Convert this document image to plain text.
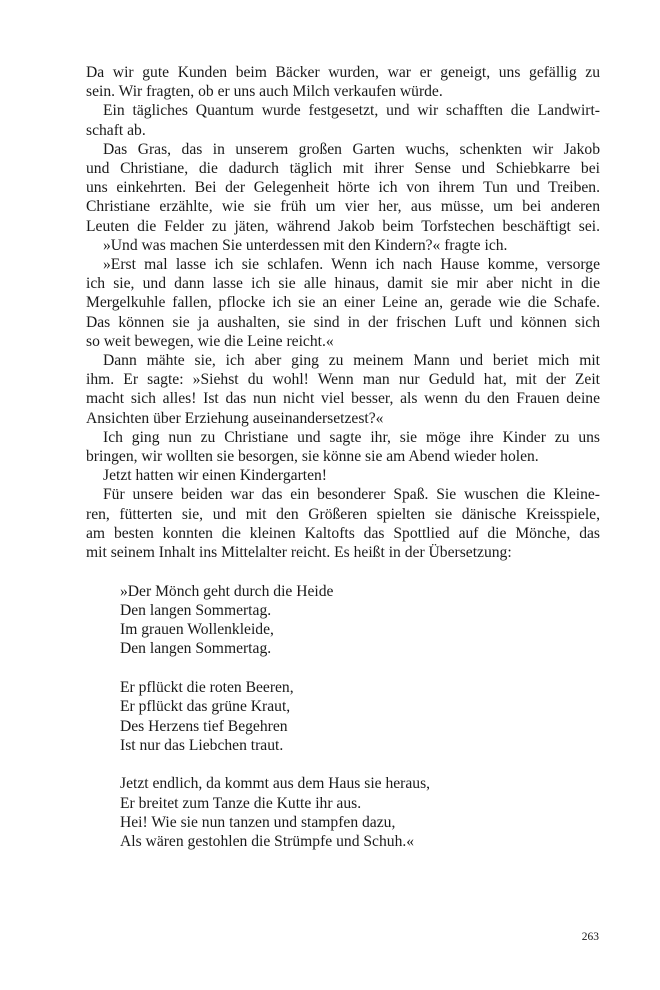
Da wir gute Kunden beim Bäcker wurden, war er geneigt, uns gefällig zu
sein. Wir fragten, ob er uns auch Milch verkaufen würde.
Ein tägliches Quantum wurde festgesetzt, und wir schafften die Landwirt-
schaft ab.
Das Gras, das in unserem großen Garten wuchs, schenkten wir Jakob
und Christiane, die dadurch täglich mit ihrer Sense und Schiebkarre bei
uns einkehrten. Bei der Gelegenheit hörte ich von ihrem Tun und Treiben.
Christiane erzählte, wie sie früh um vier her, aus müsse, um bei anderen
Leuten die Felder zu jäten, während Jakob beim Torfstechen beschäftigt sei.
»Und was machen Sie unterdessen mit den Kindern?« fragte ich.
»Erst mal lasse ich sie schlafen. Wenn ich nach Hause komme, versorge
ich sie, und dann lasse ich sie alle hinaus, damit sie mir aber nicht in die
Mergelkuhle fallen, pflocke ich sie an einer Leine an, gerade wie die Schafe.
Das können sie ja aushalten, sie sind in der frischen Luft und können sich
so weit bewegen, wie die Leine reicht.«
Dann mähte sie, ich aber ging zu meinem Mann und beriet mich mit
ihm. Er sagte: »Siehst du wohl! Wenn man nur Geduld hat, mit der Zeit
macht sich alles! Ist das nun nicht viel besser, als wenn du den Frauen deine
Ansichten über Erziehung auseinandersetzest?«
Ich ging nun zu Christiane und sagte ihr, sie möge ihre Kinder zu uns
bringen, wir wollten sie besorgen, sie könne sie am Abend wieder holen.
Jetzt hatten wir einen Kindergarten!
Für unsere beiden war das ein besonderer Spaß. Sie wuschen die Kleine-
ren, fütterten sie, und mit den Größeren spielten sie dänische Kreisspiele,
am besten konnten die kleinen Kaltofts das Spottlied auf die Mönche, das
mit seinem Inhalt ins Mittelalter reicht. Es heißt in der Übersetzung:
»Der Mönch geht durch die Heide
Den langen Sommertag.
Im grauen Wollenkleide,
Den langen Sommertag.
Er pflückt die roten Beeren,
Er pflückt das grüne Kraut,
Des Herzens tief Begehren
Ist nur das Liebchen traut.
Jetzt endlich, da kommt aus dem Haus sie heraus,
Er breitet zum Tanze die Kutte ihr aus.
Hei! Wie sie nun tanzen und stampfen dazu,
Als wären gestohlen die Strümpfe und Schuh.«
263
